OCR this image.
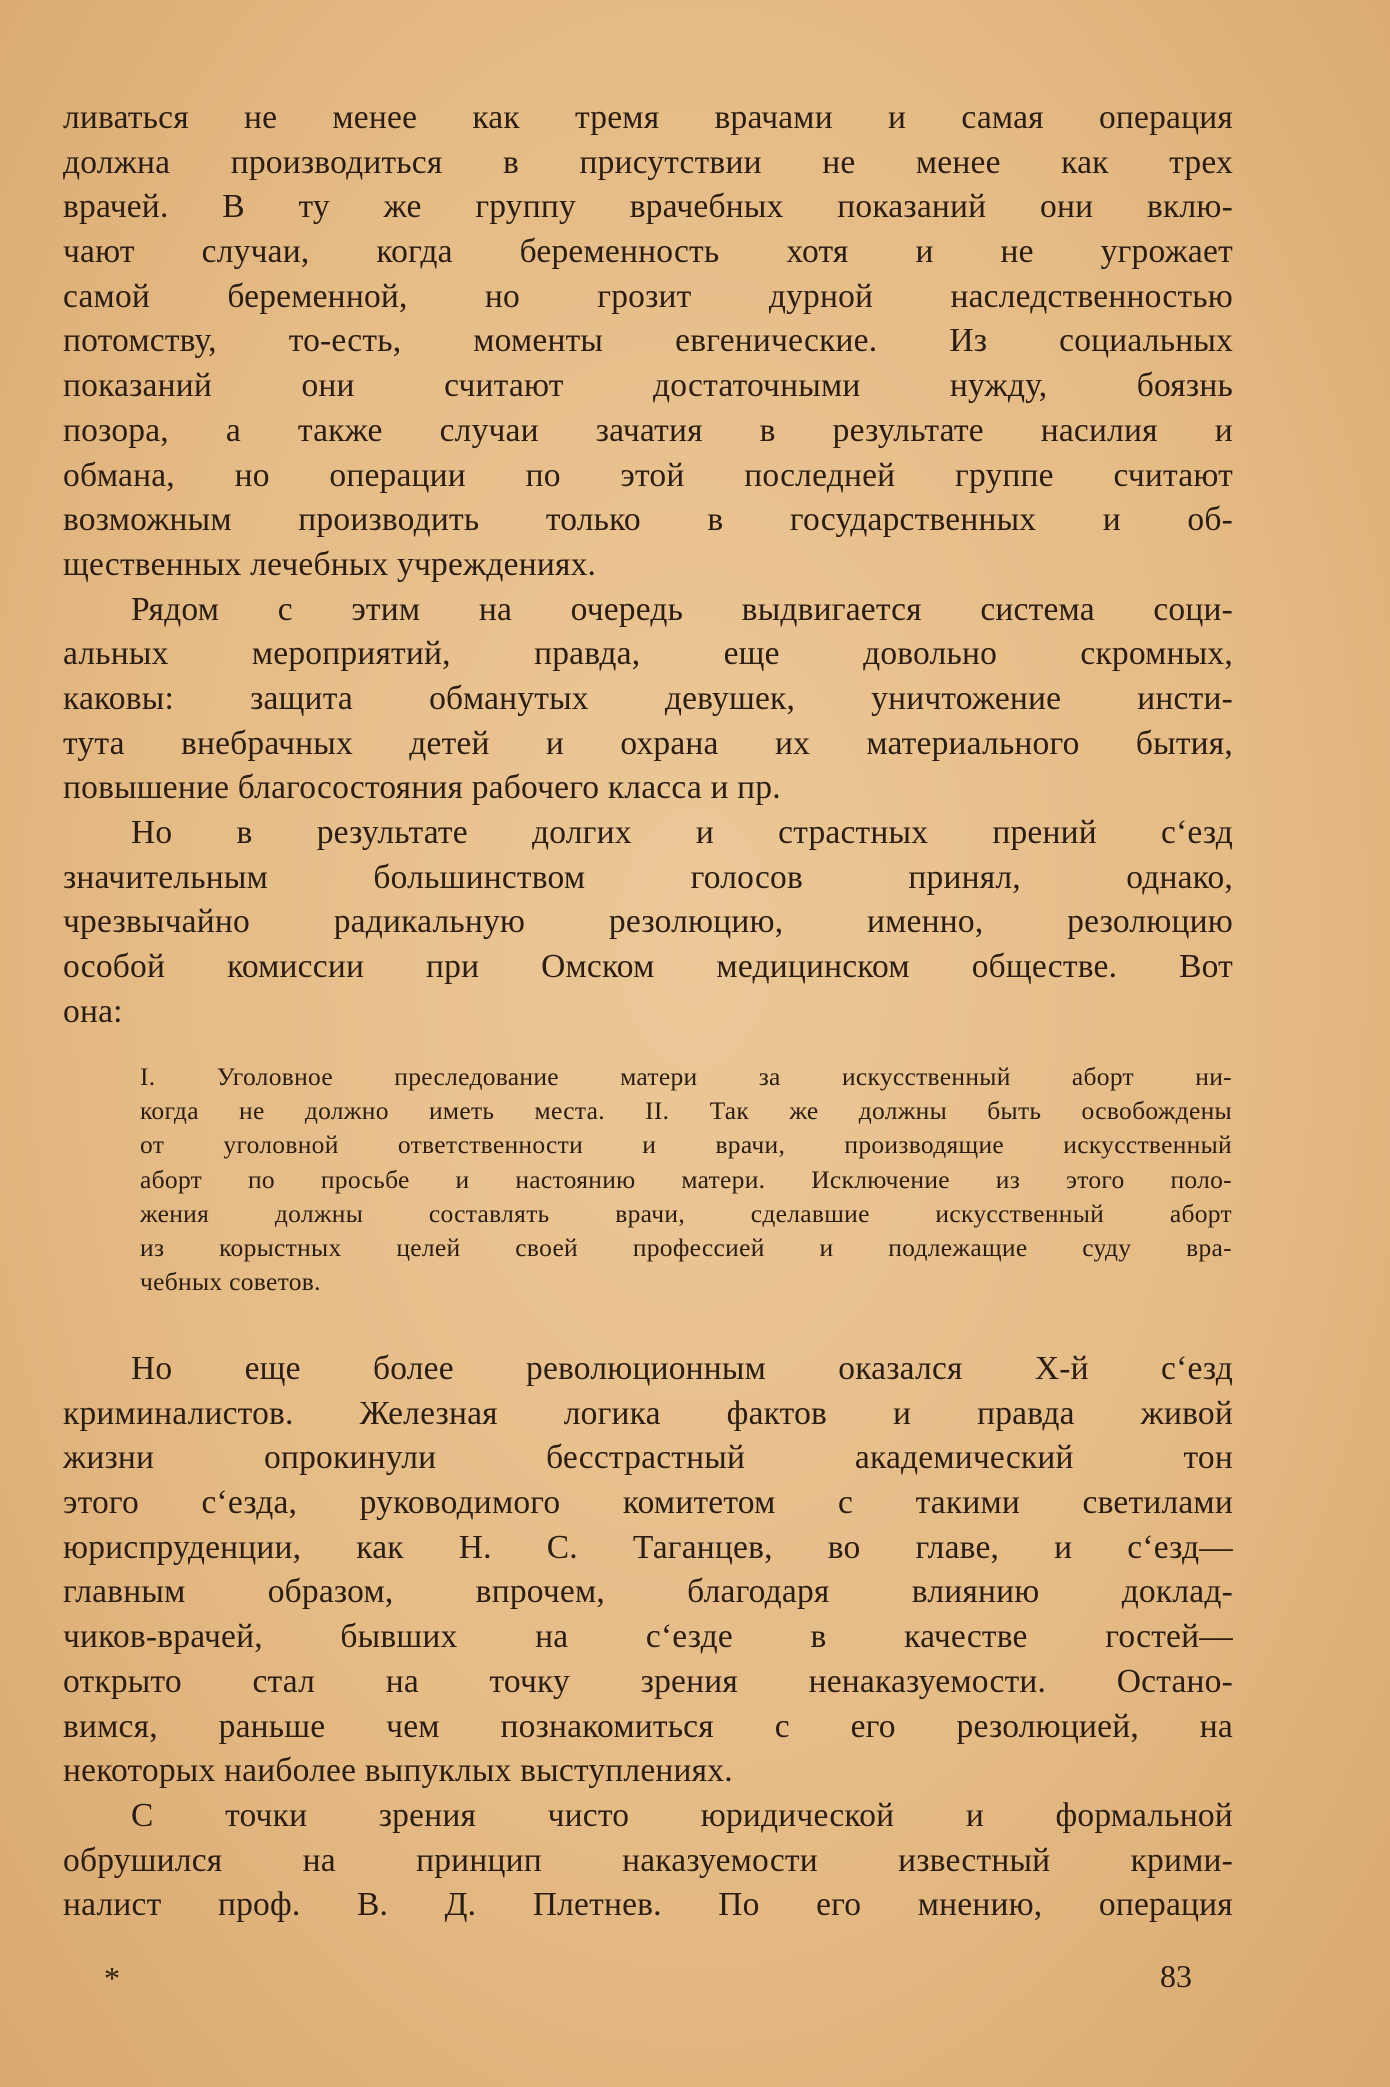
ливаться не менее как тремя врачами и самая операция
должна производиться в присутствии не менее как трех
врачей. В ту же группу врачебных показаний они вклю-
чают случаи, когда беременность хотя и не угрожает
самой беременной, но грозит дурной наследственностью
потомству, то-есть, моменты евгенические. Из социальных
показаний	они	считают	достаточными	нужду,	боязнь
позора, а также случаи зачатия в результате насилия и
обмана, но операции по этой последней группе считают
возможным производить только в государственных и об-
щественных лечебных учреждениях.
Рядом с этим на очередь выдвигается система соци-
альных мероприятий, правда, еще довольно скромных,
каковы: защита обманутых девушек, уничтожение инсти-
тута внебрачных детей и охрана их материального бытия,
повышение благосостояния рабочего класса и пр.
Но в результате долгих и страстных прений с‘езд
значительным	большинством	голосов	принял,	однако,
чрезвычайно	радикальную	резолюцию,	именно,	резолюцию
особой комиссии при Омском медицинском обществе. Вот
она:
I. Уголовное преследование матери за искусственный аборт ни-
когда не должно иметь места. II. Так же должны быть освобождены
от уголовной ответственности и врачи, производящие искусственный
аборт по просьбе и настоянию матери. Исключение из этого поло-
жения	должны	составлять	врачи,	сделавшие	искусственный	аборт
из корыстных целей своей профессией и подлежащие суду вра-
чебных советов.
Но еще более революционным оказался X-й с‘езд
криминалистов. Железная логика фактов и правда живой
жизни	опрокинули	бесстрастный	академический	тон
этого с‘езда, руководимого комитетом с такими светилами
юриспруденции, как Н. С. Таганцев, во главе, и с‘езд—
главным образом, впрочем, благодаря влиянию доклад-
чиков-врачей, бывших на с‘езде в качестве гостей—
открыто стал на точку зрения ненаказуемости. Остано-
вимся, раньше чем познакомиться с его резолюцией, на
некоторых наиболее выпуклых выступлениях.
С точки зрения чисто юридической и формальной
обрушился на принцип наказуемости известный крими-
налист проф. В. Д. Плетнев. По его мнению, операция
*	83
